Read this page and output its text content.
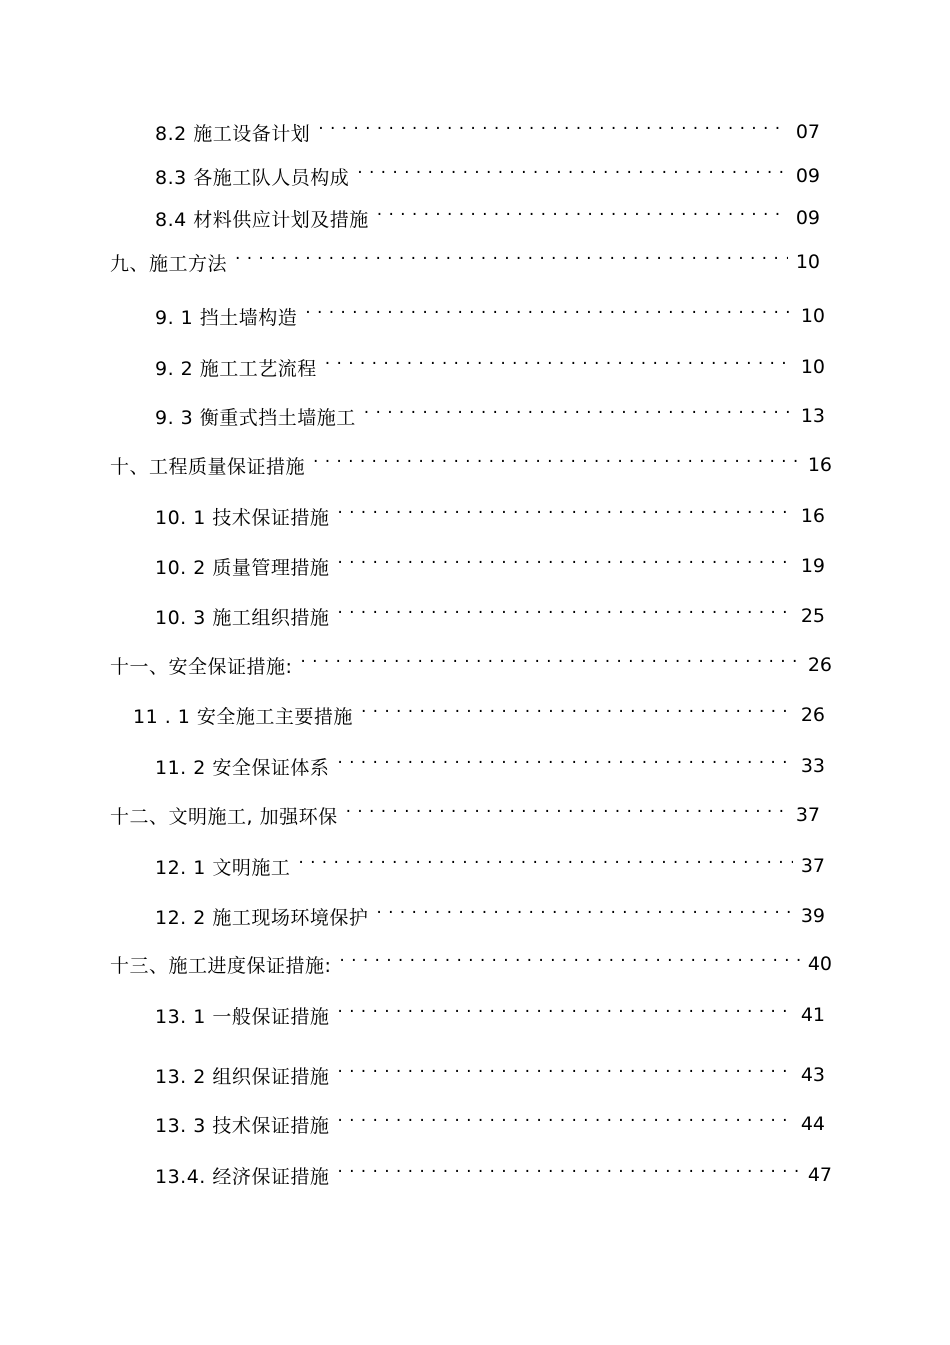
8.2 施工设备计划 ·····	07
8.3 各施工队人员构成 ·····	09
8.4 材料供应计划及措施 ·····	09
九、施工方法 ·····	10
9. 1 挡土墙构造 ·····	10
9. 2 施工工艺流程 ·····	10
9. 3 衡重式挡土墙施工 ·····	13
十、工程质量保证措施 ·····	16
10. 1 技术保证措施 ·····	16
10. 2 质量管理措施 ·····	19
10. 3 施工组织措施 ·····	25
十一、安全保证措施: ·····	26
11 . 1 安全施工主要措施 ·····	26
11. 2 安全保证体系 ·····	33
十二、文明施工, 加强环保 ·····	37
12. 1 文明施工 ·····	37
12. 2 施工现场环境保护 ·····	39
十三、施工进度保证措施: ·····	40
13. 1 一般保证措施 ·····	41
13. 2 组织保证措施 ·····	43
13. 3 技术保证措施 ·····	44
13.4. 经济保证措施 ·····	47
